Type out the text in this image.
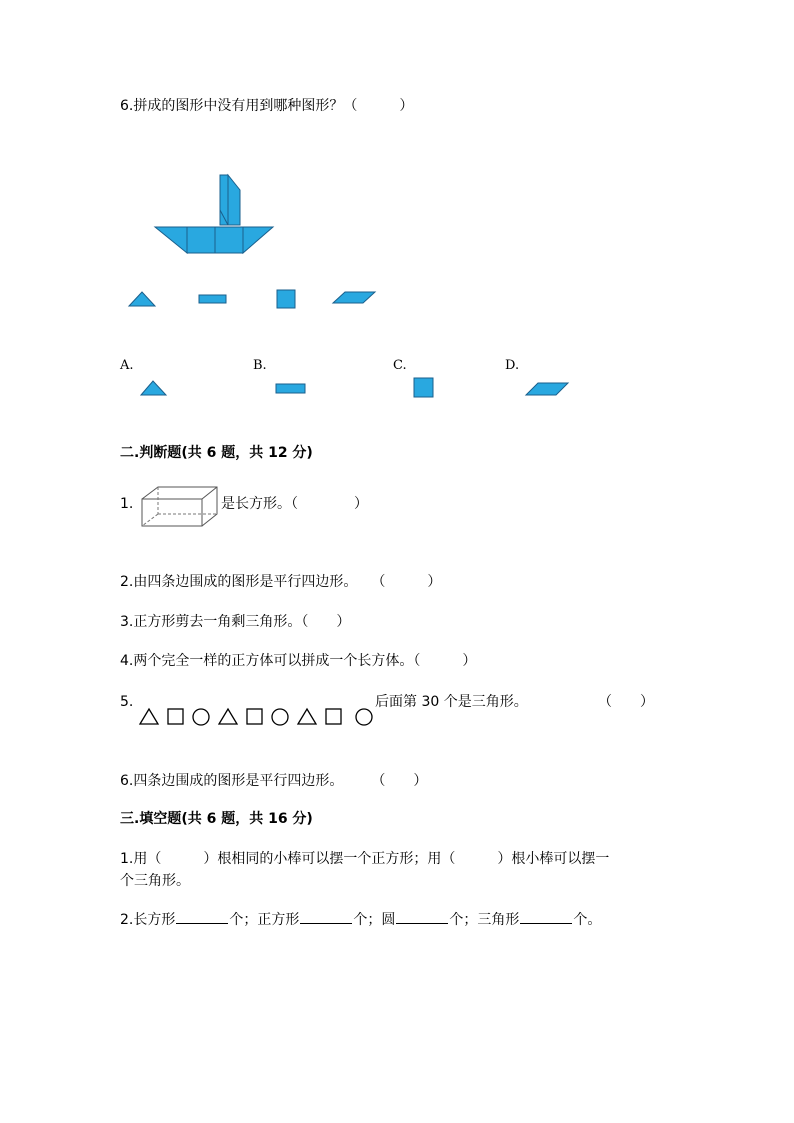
6.拼成的图形中没有用到哪种图形？（　　　）
A.	B.	C.	D.
二.判断题(共 6 题，共 12 分)
1.	是长方形。（　　　　）
2.由四条边围成的图形是平行四边形。　　（　　　）
3.正方形剪去一角剩三角形。（　　）
4.两个完全一样的正方体可以拼成一个长方体。（　　　）
5.	后面第 30 个是三角形。	（　　）
6.四条边围成的图形是平行四边形。　　　（　　）
三.填空题(共 6 题，共 16 分)
1.用（　　　）根相同的小棒可以摆一个正方形；用（　　　）根小棒可以摆一
个三角形。
2.长方形	个；正方形	个；圆	个；三角形	个。
